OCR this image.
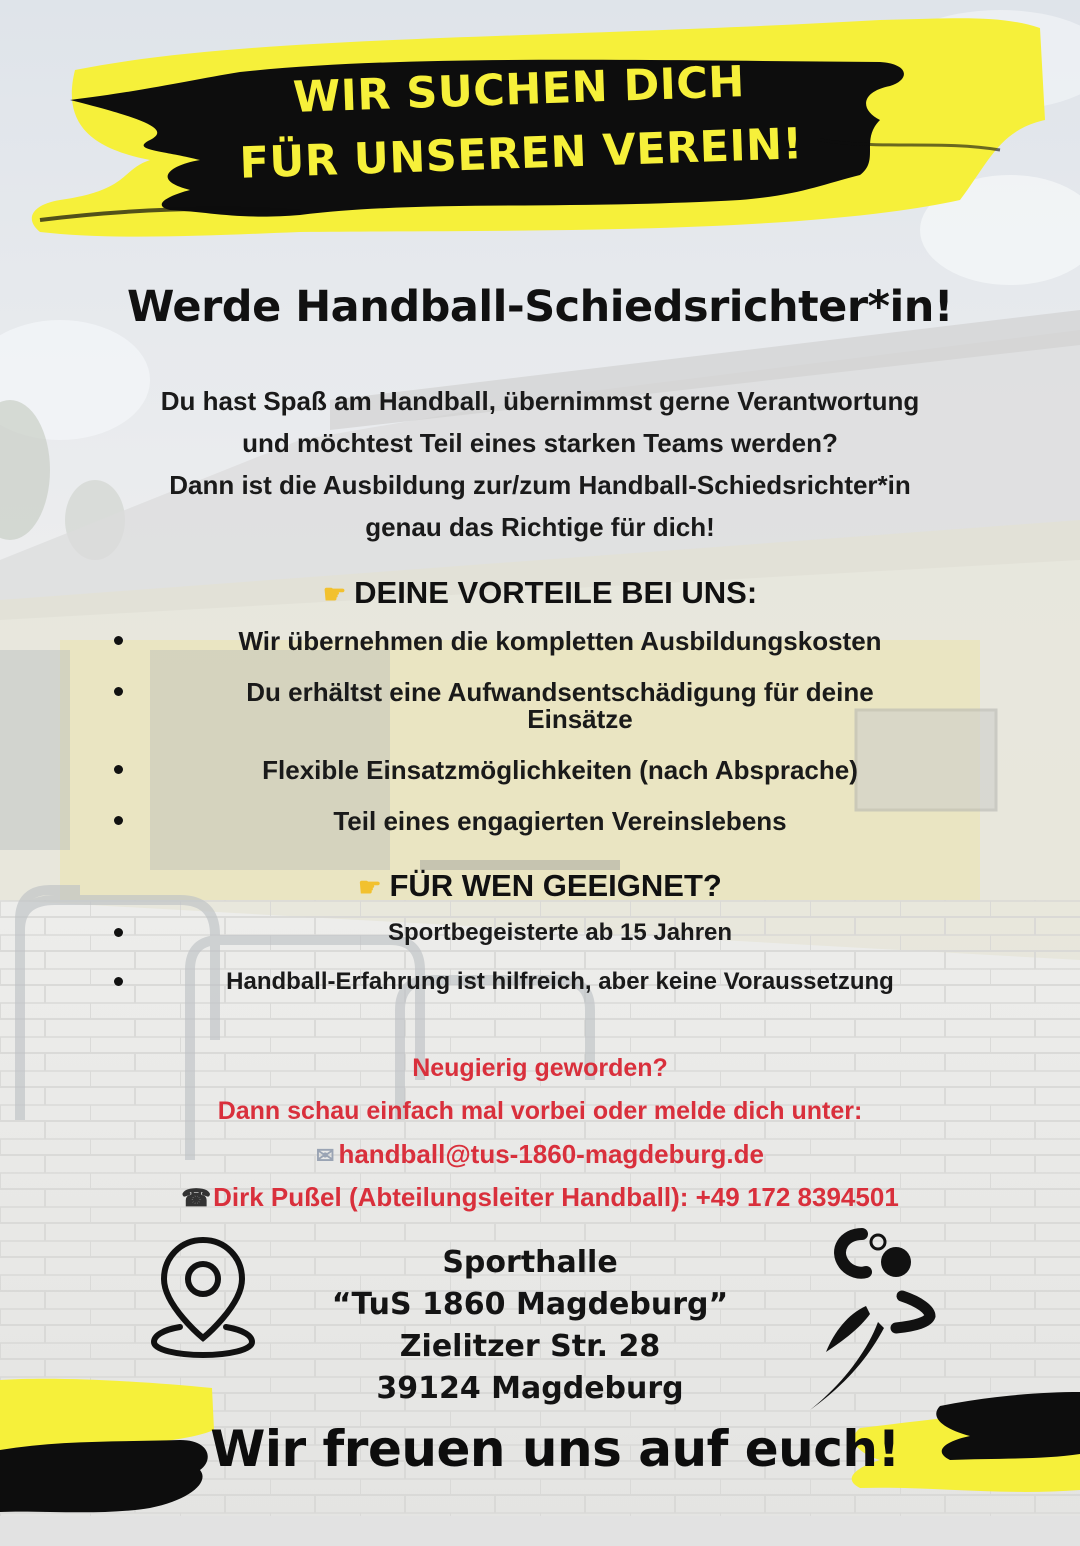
WIR SUCHEN DICH
FÜR UNSEREN VEREIN!
Werde Handball-Schiedsrichter*in!
Du hast Spaß am Handball, übernimmst gerne Verantwortung
und möchtest Teil eines starken Teams werden?
Dann ist die Ausbildung zur/zum Handball-Schiedsrichter*in
genau das Richtige für dich!
☛ DEINE VORTEILE BEI UNS:
Wir übernehmen die kompletten Ausbildungskosten
Du erhältst eine Aufwandsentschädigung für deine
Einsätze
Flexible Einsatzmöglichkeiten (nach Absprache)
Teil eines engagierten Vereinslebens
☛ FÜR WEN GEEIGNET?
Sportbegeisterte ab 15 Jahren
Handball-Erfahrung ist hilfreich, aber keine Voraussetzung
Neugierig geworden?
Dann schau einfach mal vorbei oder melde dich unter:
✉ handball@tus-1860-magdeburg.de
☎Dirk Pußel (Abteilungsleiter Handball): +49 172 8394501
Sporthalle
“TuS 1860 Magdeburg”
Zielitzer Str. 28
39124 Magdeburg
Wir freuen uns auf euch!
